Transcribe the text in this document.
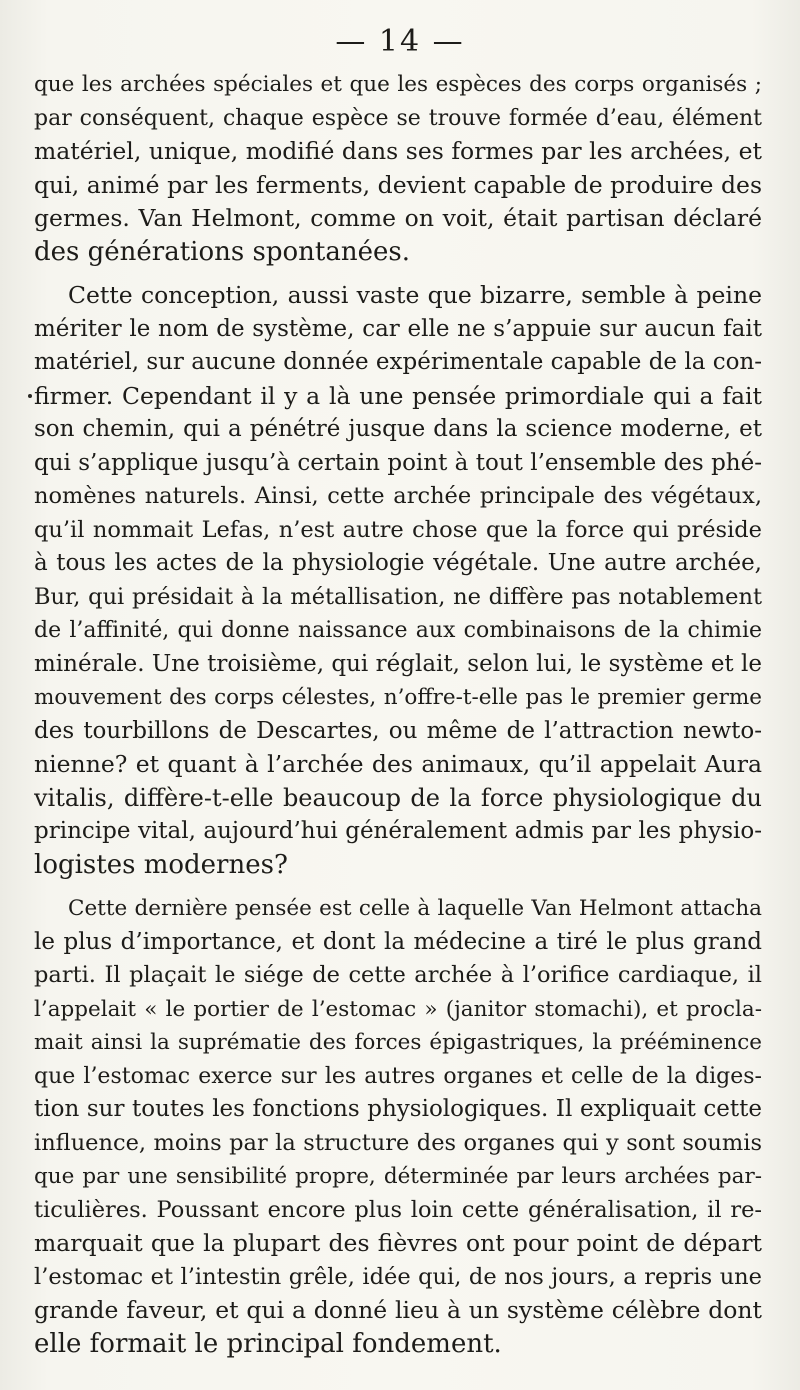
— 14 —
que les archées spéciales et que les espèces des corps organisés ;
par conséquent, chaque espèce se trouve formée d’eau, élément
matériel, unique, modifié dans ses formes par les archées, et
qui, animé par les ferments, devient capable de produire des
germes. Van Helmont, comme on voit, était partisan déclaré
des générations spontanées.
Cette conception, aussi vaste que bizarre, semble à peine
mériter le nom de système, car elle ne s’appuie sur aucun fait
matériel, sur aucune donnée expérimentale capable de la con-
firmer. Cependant il y a là une pensée primordiale qui a fait
son chemin, qui a pénétré jusque dans la science moderne, et
qui s’applique jusqu’à certain point à tout l’ensemble des phé-
nomènes naturels. Ainsi, cette archée principale des végétaux,
qu’il nommait Lefas, n’est autre chose que la force qui préside
à tous les actes de la physiologie végétale. Une autre archée,
Bur, qui présidait à la métallisation, ne diffère pas notablement
de l’affinité, qui donne naissance aux combinaisons de la chimie
minérale. Une troisième, qui réglait, selon lui, le système et le
mouvement des corps célestes, n’offre-t-elle pas le premier germe
des tourbillons de Descartes, ou même de l’attraction newto-
nienne? et quant à l’archée des animaux, qu’il appelait Aura
vitalis, diffère-t-elle beaucoup de la force physiologique du
principe vital, aujourd’hui généralement admis par les physio-
logistes modernes?
Cette dernière pensée est celle à laquelle Van Helmont attacha
le plus d’importance, et dont la médecine a tiré le plus grand
parti. Il plaçait le siége de cette archée à l’orifice cardiaque, il
l’appelait « le portier de l’estomac » (janitor stomachi), et procla-
mait ainsi la suprématie des forces épigastriques, la prééminence
que l’estomac exerce sur les autres organes et celle de la diges-
tion sur toutes les fonctions physiologiques. Il expliquait cette
influence, moins par la structure des organes qui y sont soumis
que par une sensibilité propre, déterminée par leurs archées par-
ticulières. Poussant encore plus loin cette généralisation, il re-
marquait que la plupart des fièvres ont pour point de départ
l’estomac et l’intestin grêle, idée qui, de nos jours, a repris une
grande faveur, et qui a donné lieu à un système célèbre dont
elle formait le principal fondement.
